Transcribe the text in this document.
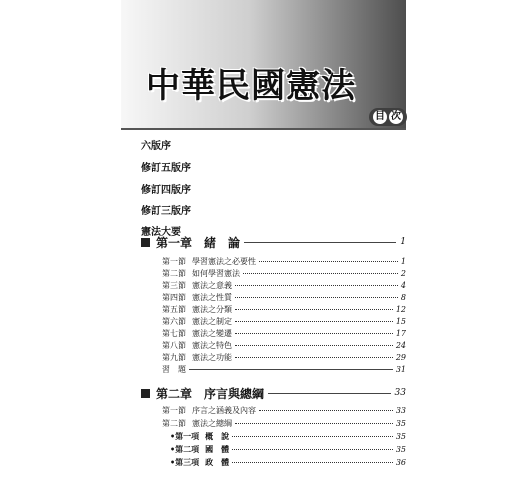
中華民國憲法
目 次
六版序
修訂五版序
修訂四版序
修訂三版序
憲法大要
第一章　緒　論	1
第一節 學習憲法之必要性	1
第二節 如何學習憲法	2
第三節 憲法之意義	4
第四節 憲法之性質	8
第五節 憲法之分類	12
第六節 憲法之制定	15
第七節 憲法之變遷	17
第八節 憲法之特色	24
第九節 憲法之功能	29
習　題	31
第二章　序言與總綱	33
第一節 序言之涵義及內容	33
第二節 憲法之總綱	35
•第一項 概　說	35
•第二項 國　體	35
•第三項 政　體	36
